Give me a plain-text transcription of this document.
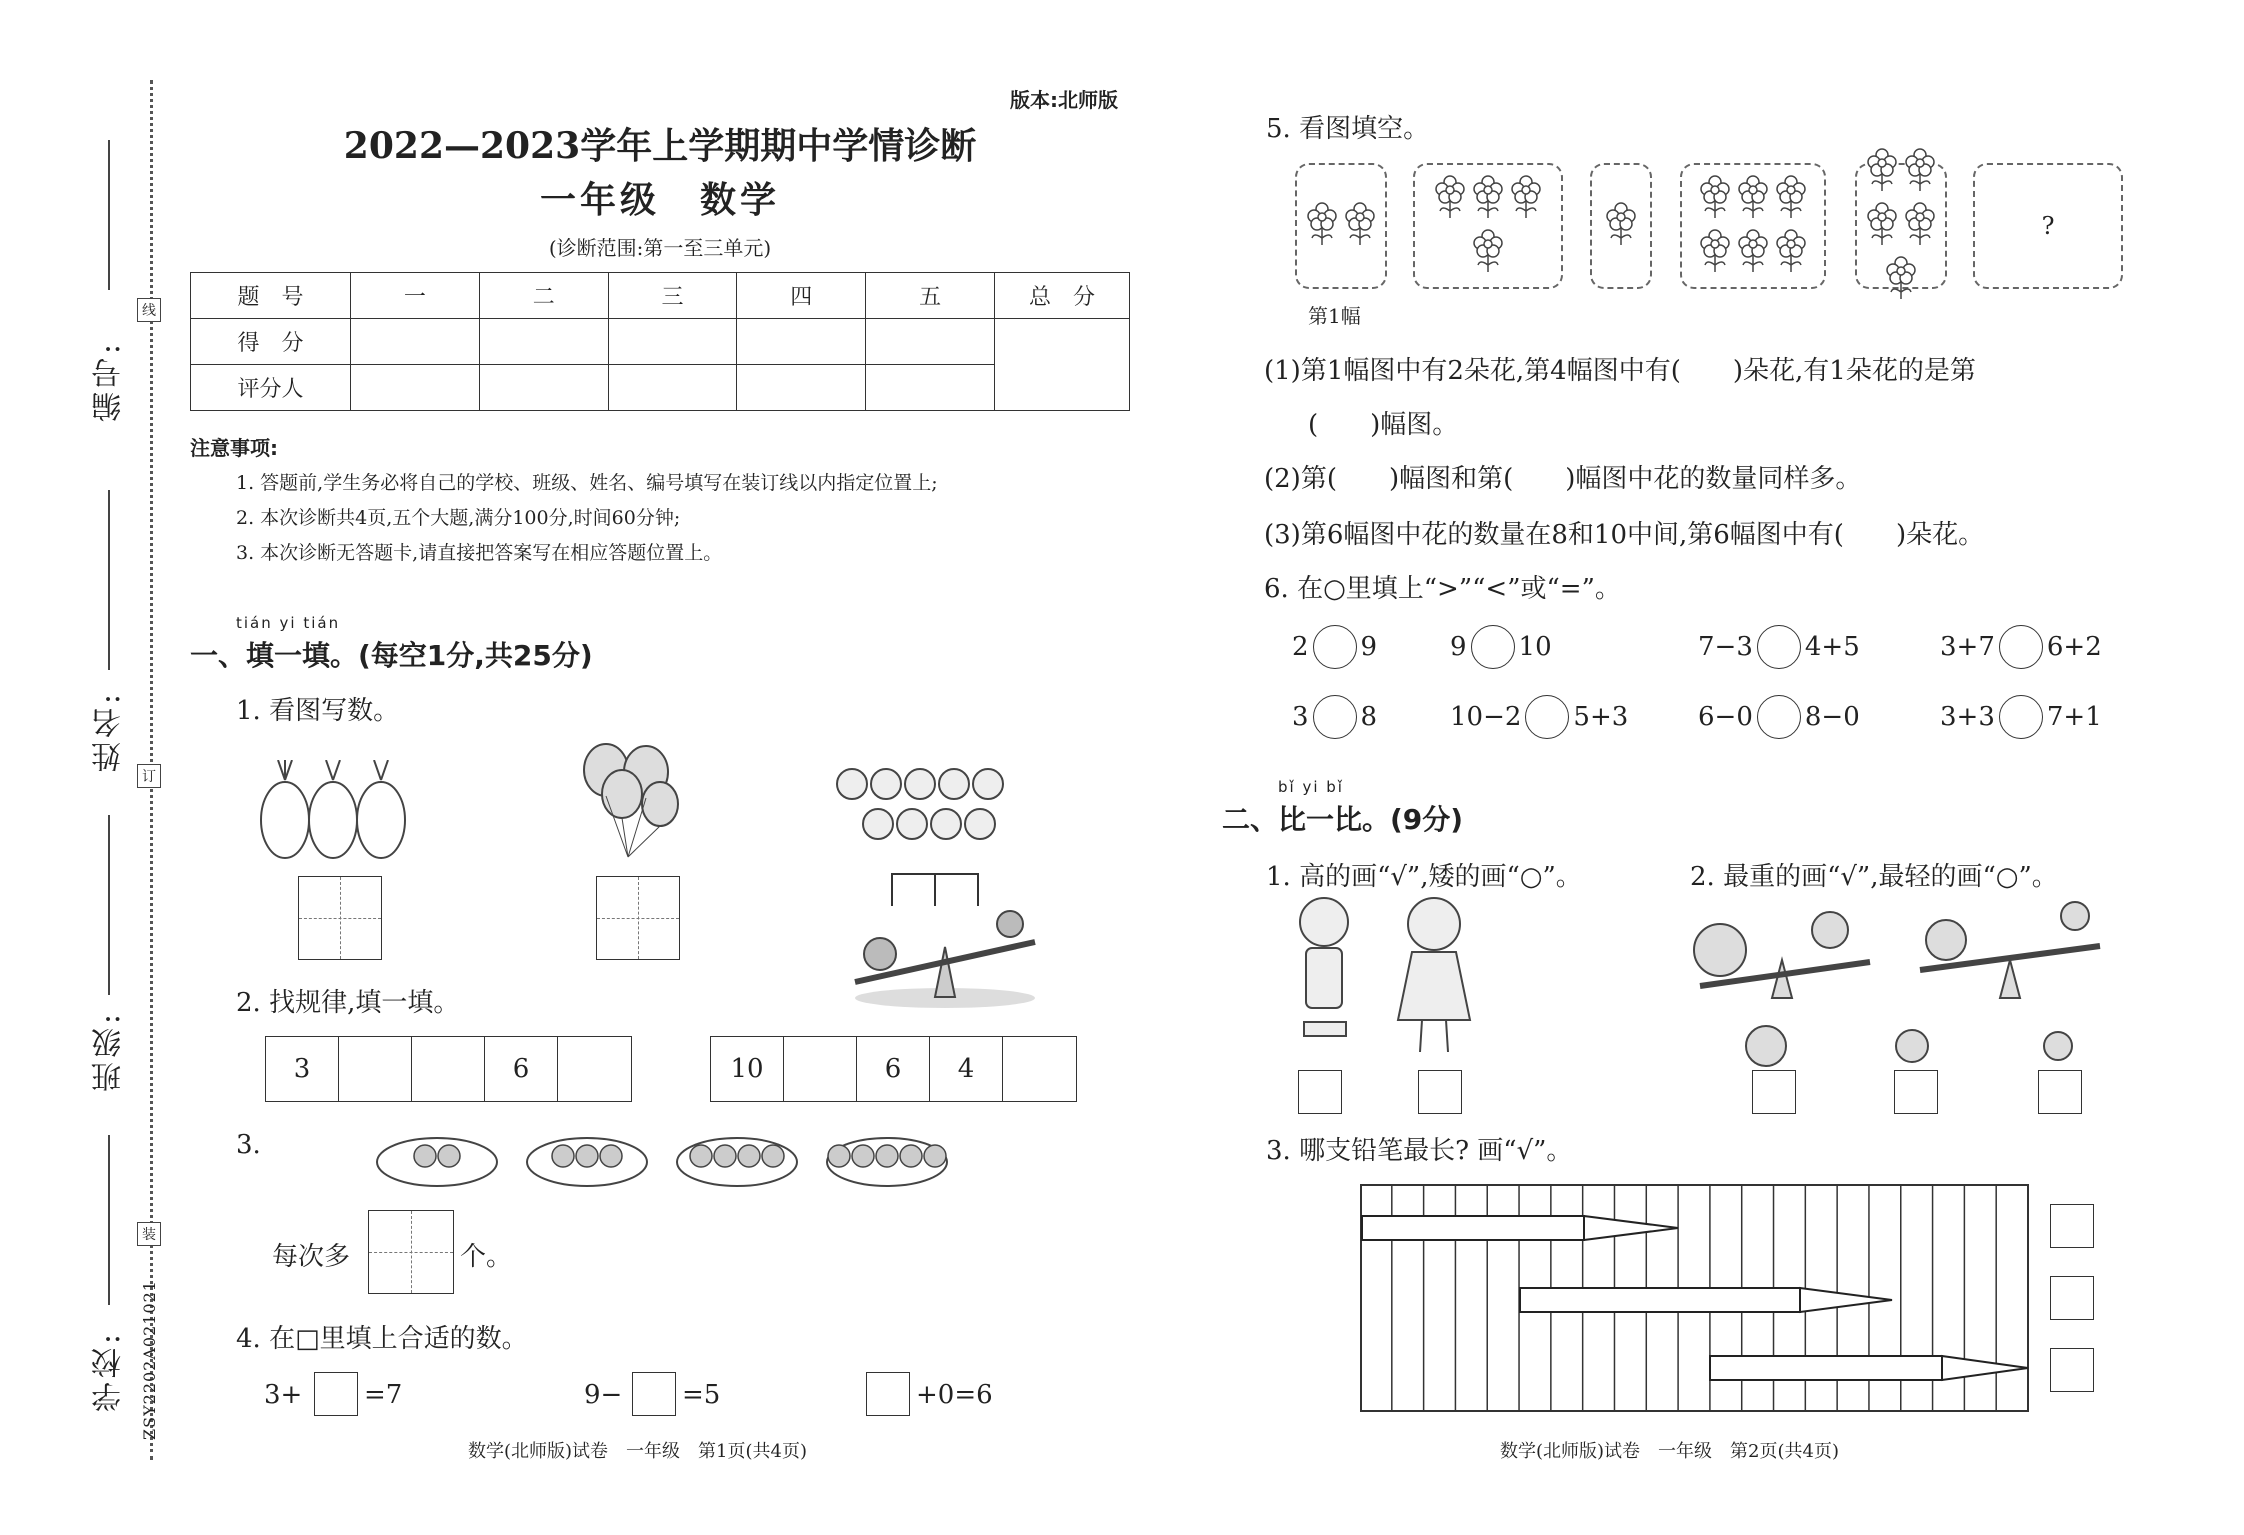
编号:
姓名:
班级:
学校:
线
订
装
ZSY2202A021021
版本:北师版
2022—2023学年上学期期中学情诊断
一年级　数学
(诊断范围:第一至三单元)
题　号	一	二	三	四	五	总　分
得　分						
评分人						
注意事项:
1. 答题前,学生务必将自己的学校、班级、姓名、编号填写在装订线以内指定位置上;
2. 本次诊断共4页,五个大题,满分100分,时间60分钟;
3. 本次诊断无答题卡,请直接把答案写在相应答题位置上。
tián yi tián
一、填一填。(每空1分,共25分)
1. 看图写数。
2. 找规律,填一填。
3	6	10	6	4
3.
每次多	个。
4. 在□里填上合适的数。
3+ =7	9− =5	+0=6
数学(北师版)试卷　一年级　第1页(共4页)
5. 看图填空。
?
第1幅
(1)第1幅图中有2朵花,第4幅图中有(　　)朵花,有1朵花的是第
(　　)幅图。
(2)第(　　)幅图和第(　　)幅图中花的数量同样多。
(3)第6幅图中花的数量在8和10中间,第6幅图中有(　　)朵花。
6. 在○里填上“>”“<”或“=”。
2 9	9 10	7−3 4+5	3+7 6+2
3 8	10−2 5+3	6−0 8−0	3+3 7+1
bǐ yi bǐ
二、比一比。(9分)
1. 高的画“√”,矮的画“○”。	2. 最重的画“√”,最轻的画“○”。
3. 哪支铅笔最长? 画“√”。
数学(北师版)试卷　一年级　第2页(共4页)
